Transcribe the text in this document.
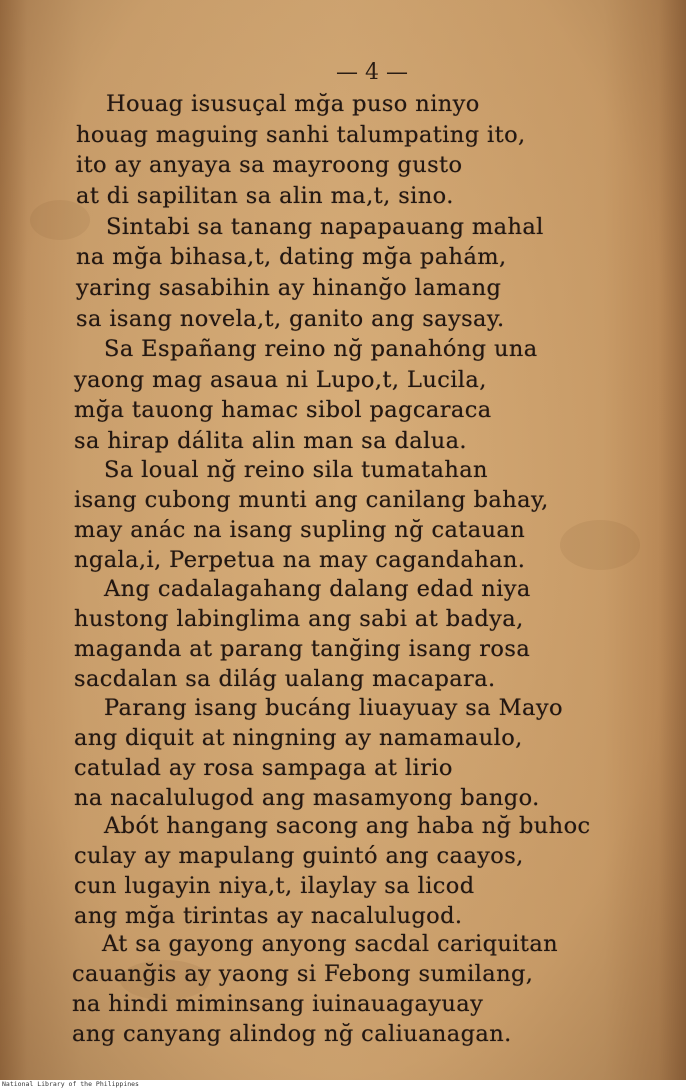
— 4 —
Houag isusuçal mğa puso ninyo
houag maguing sanhi talumpating ito,
ito ay anyaya sa mayroong gusto
at di sapilitan sa alin ma,t, sino.
Sintabi sa tanang napapauang mahal
na mğa bihasa,t, dating mğa pahám,
yaring sasabihin ay hinanğo lamang
sa isang novela,t, ganito ang saysay.
Sa Españang reino nğ panahóng una
yaong mag asaua ni Lupo,t, Lucila,
mğa tauong hamac sibol pagcaraca
sa hirap dálita alin man sa dalua.
Sa loual nğ reino sila tumatahan
isang cubong munti ang canilang bahay,
may anác na isang supling nğ catauan
ngala,i, Perpetua na may cagandahan.
Ang cadalagahang dalang edad niya
hustong labinglima ang sabi at badya,
maganda at parang tanğing isang rosa
sacdalan sa dilág ualang macapara.
Parang isang bucáng liuayuay sa Mayo
ang diquit at ningning ay namamaulo,
catulad ay rosa sampaga at lirio
na nacalulugod ang masamyong bango.
Abót hangang sacong ang haba nğ buhoc
culay ay mapulang guintó ang caayos,
cun lugayin niya,t, ilaylay sa licod
ang mğa tirintas ay nacalulugod.
At sa gayong anyong sacdal cariquitan
cauanğis ay yaong si Febong sumilang,
na hindi miminsang iuinauagayuay
ang canyang alindog nğ caliuanagan.
National Library of the Philippines
